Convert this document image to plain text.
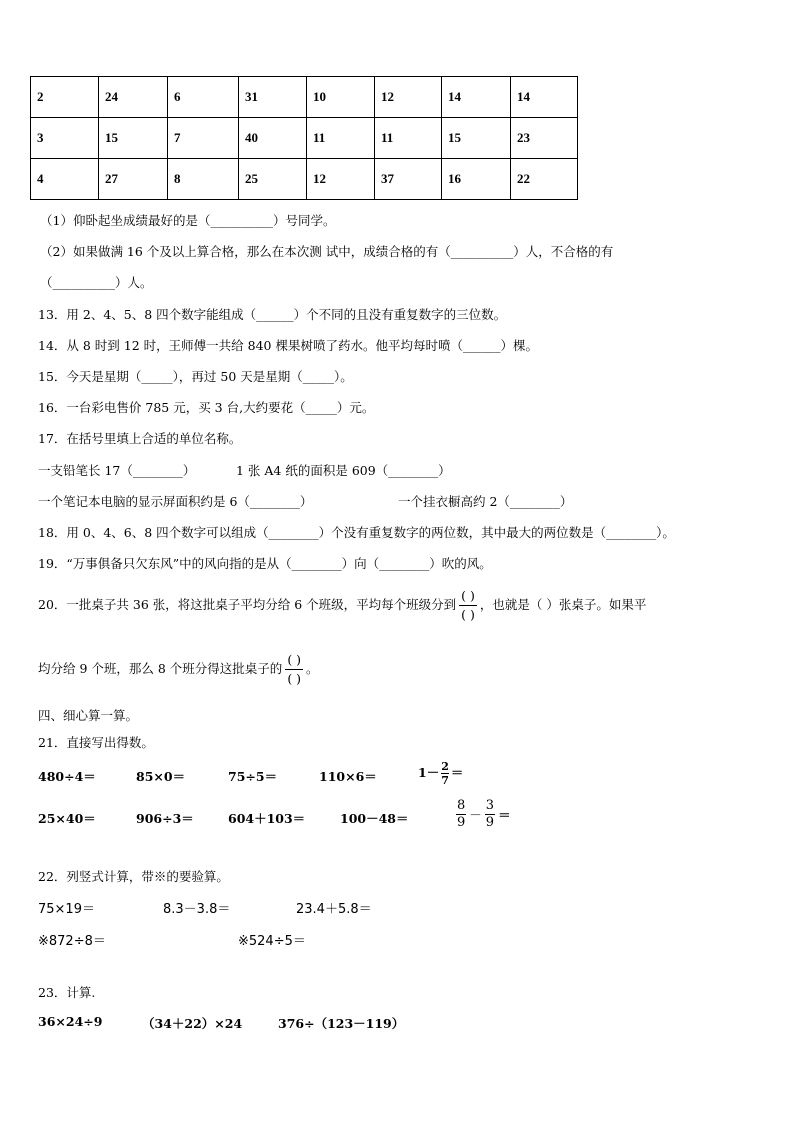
2	24	6	31	10	12	14	14
3	15	7	40	11	11	15	23
4	27	8	25	12	37	16	22
（1）仰卧起坐成绩最好的是（__________）号同学。
（2）如果做满 16 个及以上算合格，那么在本次测 试中，成绩合格的有（__________）人，不合格的有
（__________）人。
13．用 2、4、5、8 四个数字能组成（______）个不同的且没有重复数字的三位数。
14．从 8 时到 12 时，王师傅一共给 840 棵果树喷了药水。他平均每时喷（______）棵。
15．今天是星期（_____），再过 50 天是星期（_____）。
16．一台彩电售价 785 元，买 3 台,大约要花（_____）元。
17．在括号里填上合适的单位名称。
一支铅笔长 17（________）	1 张 A4 纸的面积是 609（________）
一个笔记本电脑的显示屏面积约是 6（________）	一个挂衣橱高约 2（________）
18．用 0、4、6、8 四个数字可以组成（________）个没有重复数字的两位数，其中最大的两位数是（________）。
19．“万事俱备只欠东风”中的风向指的是从（________）向（________）吹的风。
20．一批桌子共 36 张，将这批桌子平均分给 6 个班级，平均每个班级分到 $\frac{( )}{( )}$ ，也就是（ ）张桌子。如果平
均分给 9 个班，那么 8 个班分得这批桌子的 $\frac{( )}{( )}$ 。
四、细心算一算。
21．直接写出得数。
480÷4＝	85×0＝	75÷5＝	110×6＝	$1- \frac{2}{7}$ ＝
25×40＝	906÷3＝	604＋103＝	100－48＝	$\frac{8}{9} - \frac{3}{9}$ ＝
22．列竖式计算，带※的要验算。
75×19＝	8.3－3.8＝	23.4＋5.8＝
※872÷8＝	※524÷5＝
23．计算.
36×24÷9	（34＋22）×24	376÷（123－119）
